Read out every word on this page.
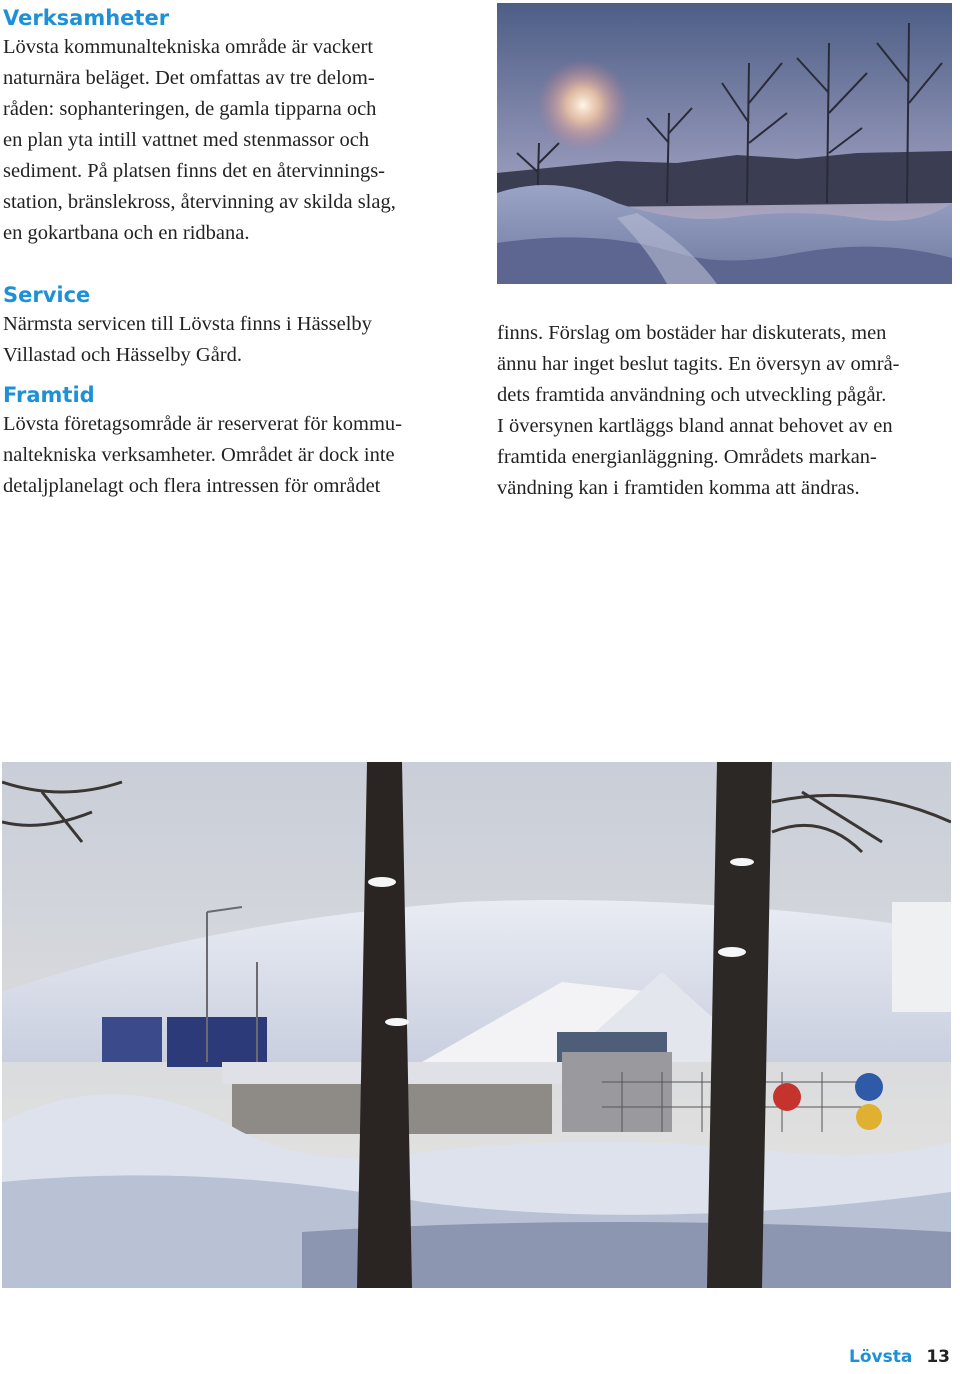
Verksamheter

Lövsta kommunaltekniska område är vackert
naturnära beläget. Det omfattas av tre delom-
råden: sophanteringen, de gamla tipparna och
en plan yta intill vattnet med stenmassor och
sediment. På platsen finns det en återvinnings-
station, bränslekross, återvinning av skilda slag,
en gokartbana och en ridbana.

Service

Närmsta servicen till Lövsta finns i Hässelby
Villastad och Hässelby Gård.

Framtid

Lövsta företagsområde är reserverat för kommu-
naltekniska verksamheter. Området är dock inte
detaljplanelagt och flera intressen för området

finns. Förslag om bostäder har diskuterats, men
ännu har inget beslut tagits. En översyn av områ-
dets framtida användning och utveckling pågår.
I översynen kartläggs bland annat behovet av en
framtida energianläggning. Områdets markan-
vändning kan i framtiden komma att ändras.

Lövsta 13
